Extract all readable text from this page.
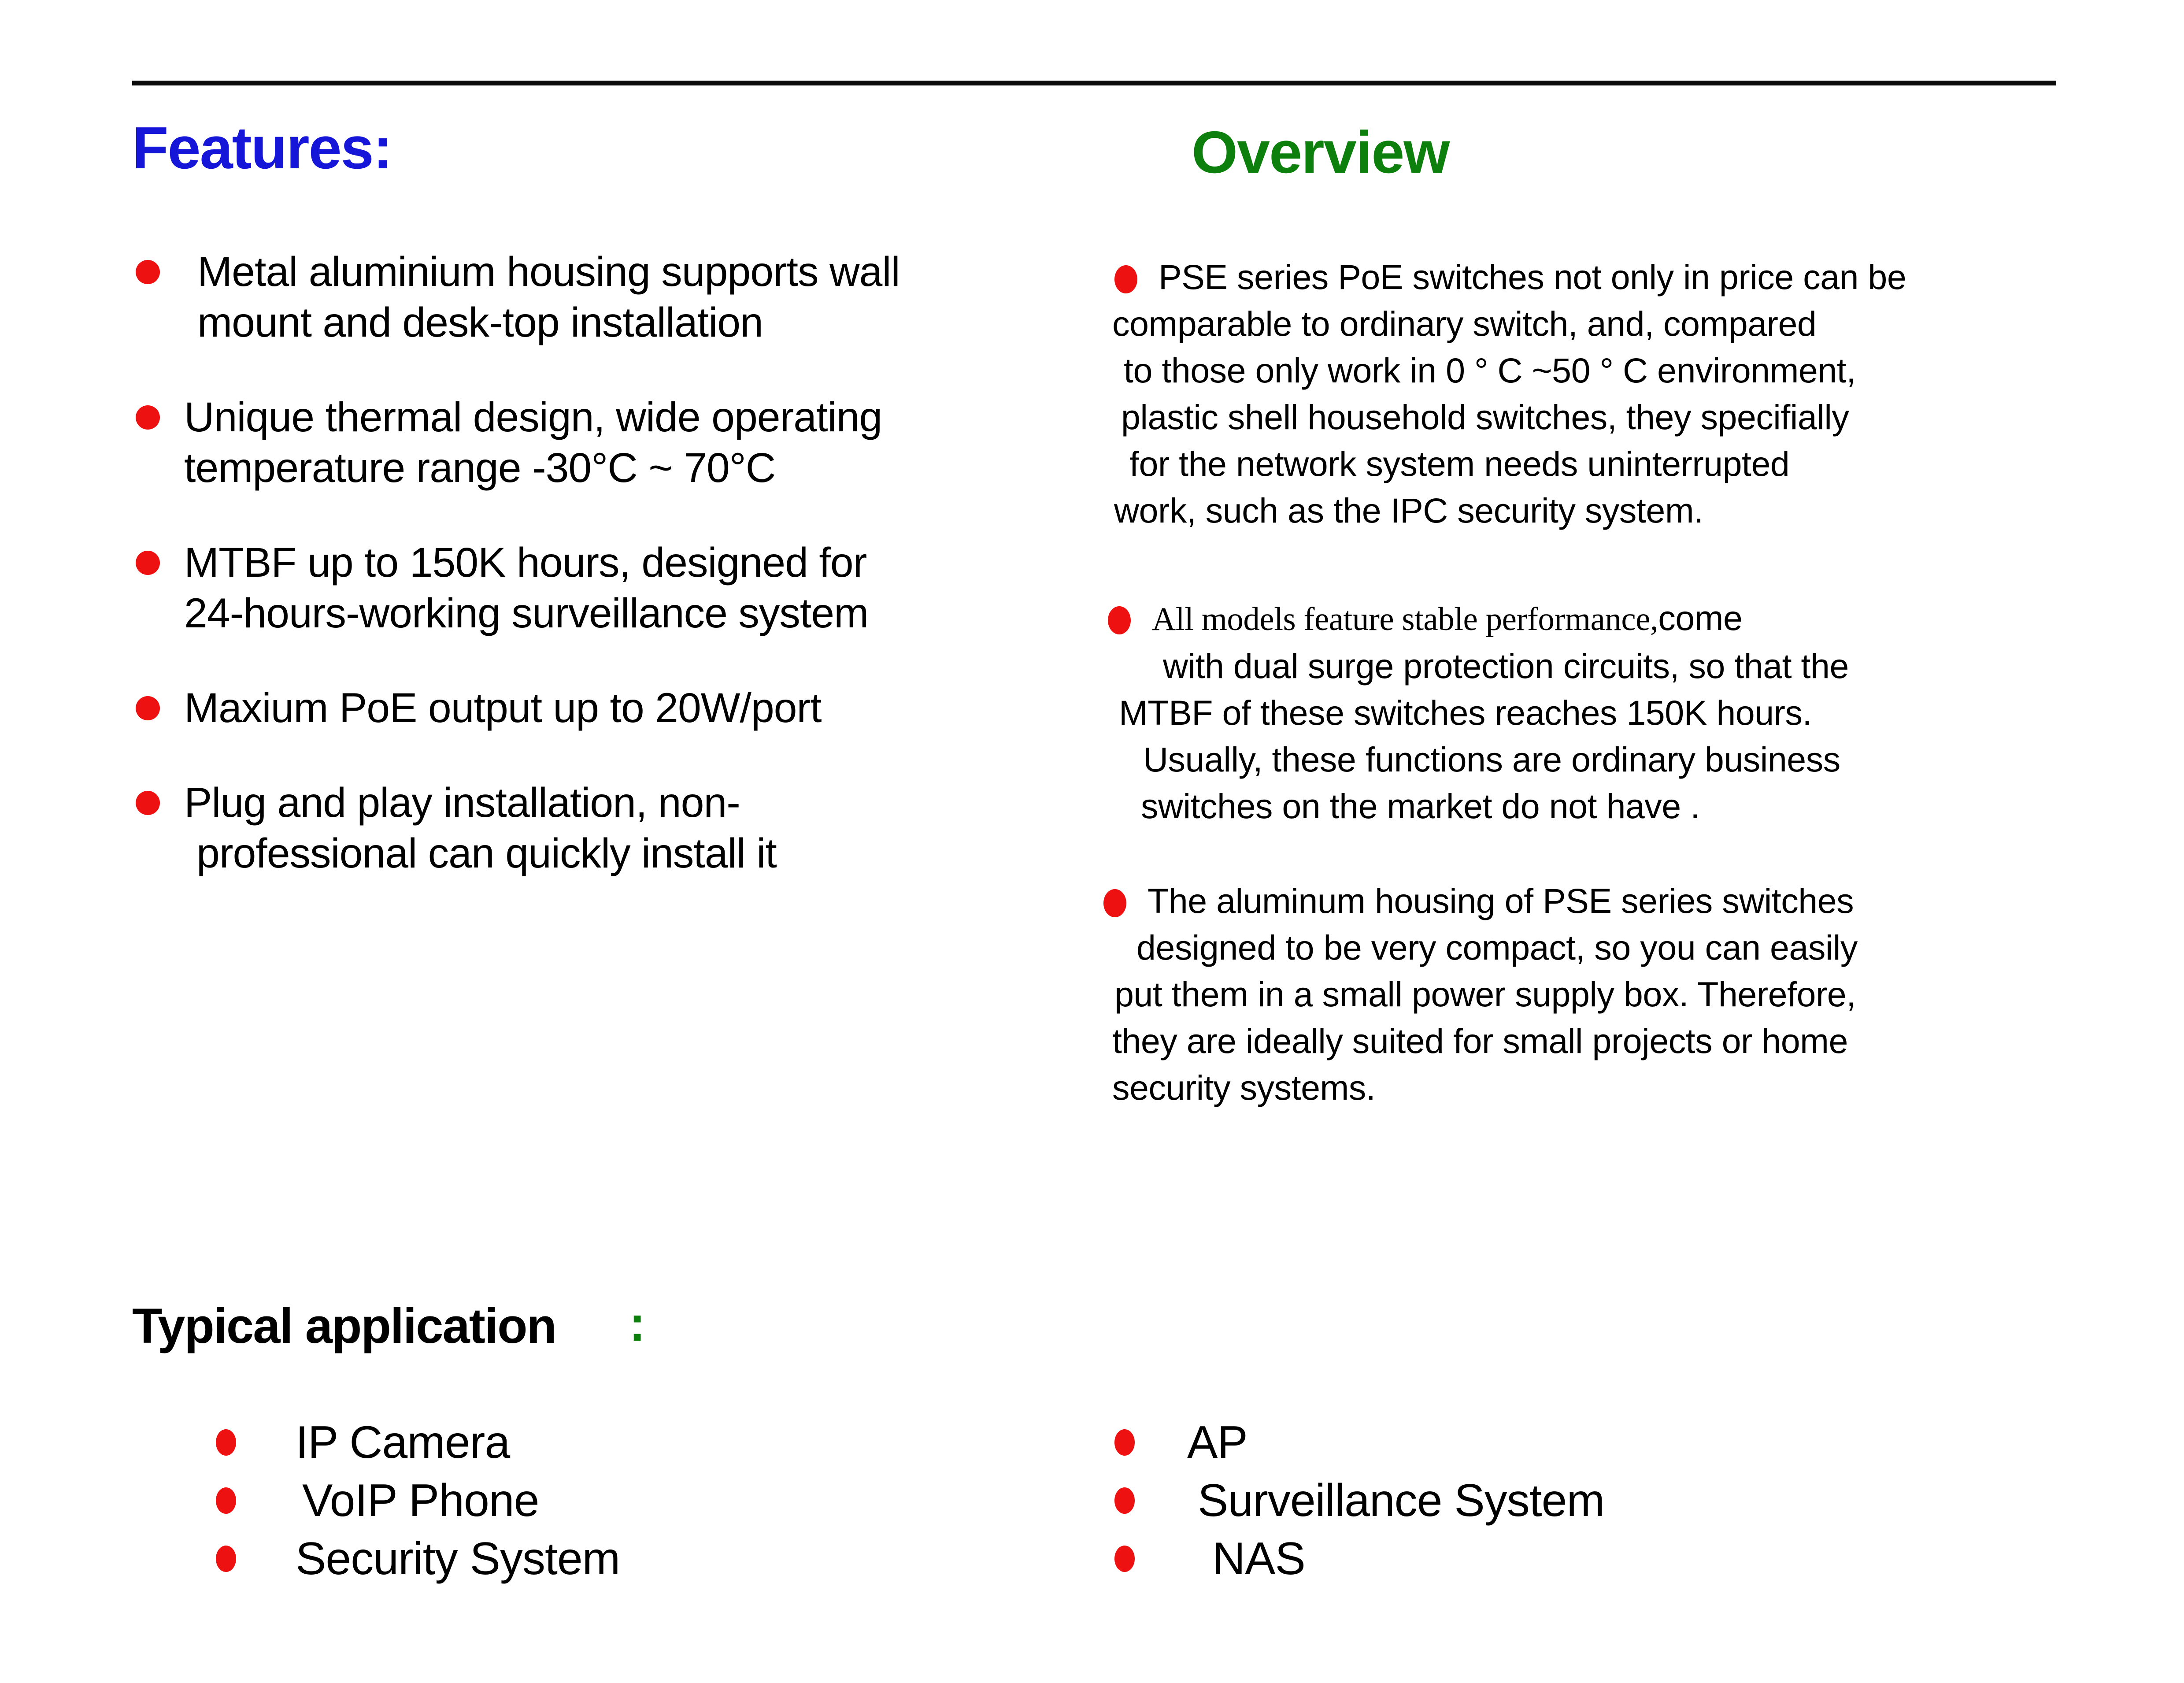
Features:	Overview
Metal aluminium housing supports wall
mount and desk-top installation
Unique thermal design, wide operating
temperature range -30°C ~ 70°C
MTBF up to 150K hours, designed for
24-hours-working surveillance system
Maxium PoE output up to 20W/port
Plug and play installation, non-
professional can quickly install it
PSE series PoE switches not only in price can be
comparable to ordinary switch, and, compared
to those only work in 0 ° C ~50 ° C environment,
plastic shell household switches, they specifially
for the network system needs uninterrupted
work, such as the IPC security system.
All models feature stable performance,come
with dual surge protection circuits, so that the
MTBF of these switches reaches 150K hours.
Usually, these functions are ordinary business
switches on the market do not have .
The aluminum housing of PSE series switches
designed to be very compact, so you can easily
put them in a small power supply box. Therefore,
they are ideally suited for small projects or home
security systems.
Typical application :
IP Camera
VoIP Phone
Security System
AP
Surveillance System
NAS
